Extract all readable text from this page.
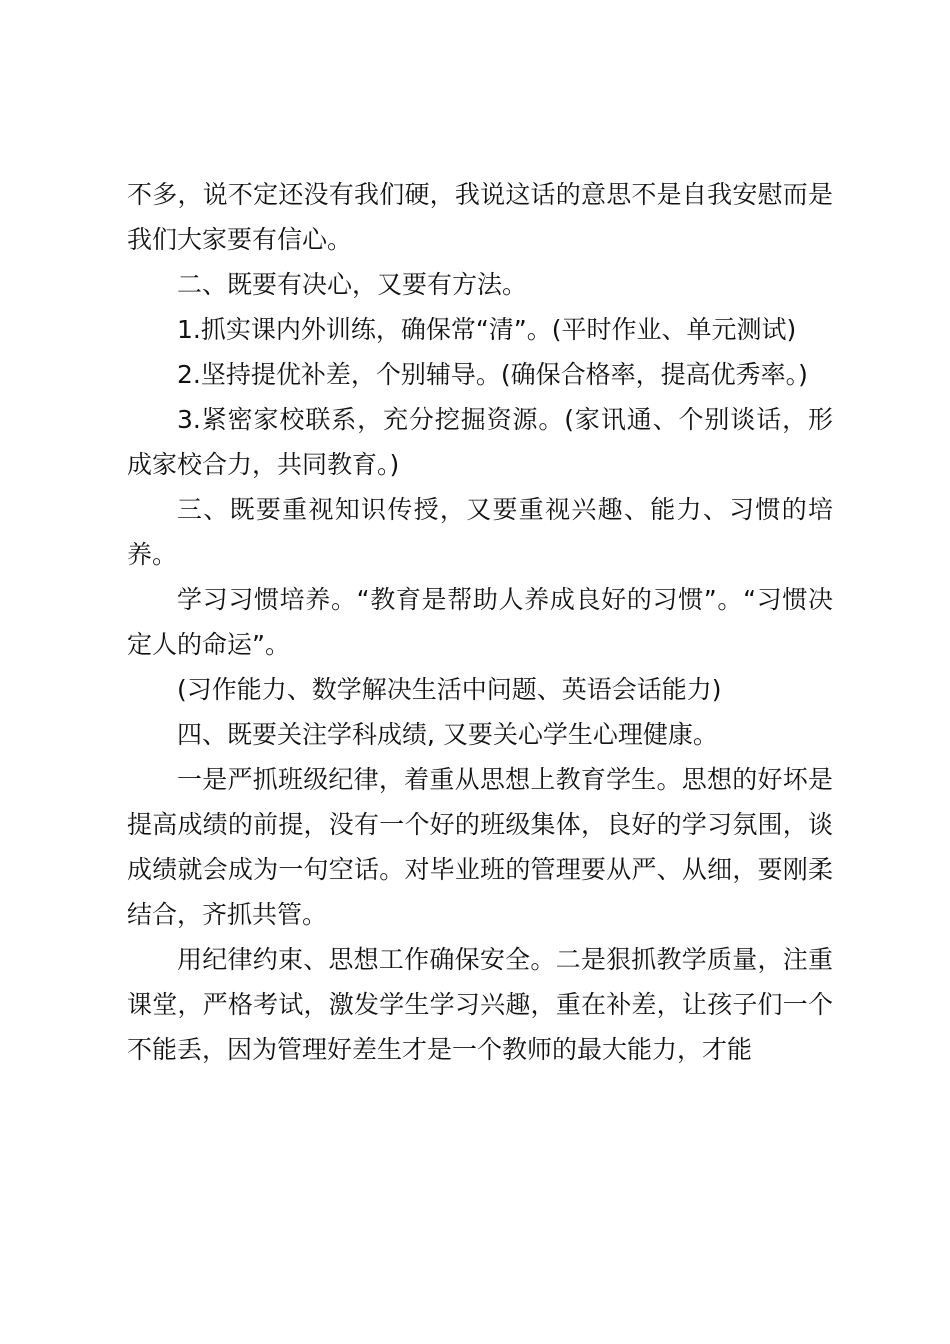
不多，说不定还没有我们硬，我说这话的意思不是自我安慰而是我们大家要有信心。

二、既要有决心，又要有方法。

1.抓实课内外训练，确保常“清”。(平时作业、单元测试)

2.坚持提优补差，个别辅导。(确保合格率，提高优秀率。)

3.紧密家校联系，充分挖掘资源。(家讯通、个别谈话，形成家校合力，共同教育。)

三、既要重视知识传授，又要重视兴趣、能力、习惯的培养。

学习习惯培养。“教育是帮助人养成良好的习惯”。“习惯决定人的命运”。

(习作能力、数学解决生活中问题、英语会话能力)

四、既要关注学科成绩, 又要关心学生心理健康。

一是严抓班级纪律，着重从思想上教育学生。思想的好坏是提高成绩的前提，没有一个好的班级集体，良好的学习氛围，谈成绩就会成为一句空话。对毕业班的管理要从严、从细，要刚柔结合，齐抓共管。

用纪律约束、思想工作确保安全。二是狠抓教学质量，注重课堂，严格考试，激发学生学习兴趣，重在补差，让孩子们一个不能丢，因为管理好差生才是一个教师的最大能力，才能
